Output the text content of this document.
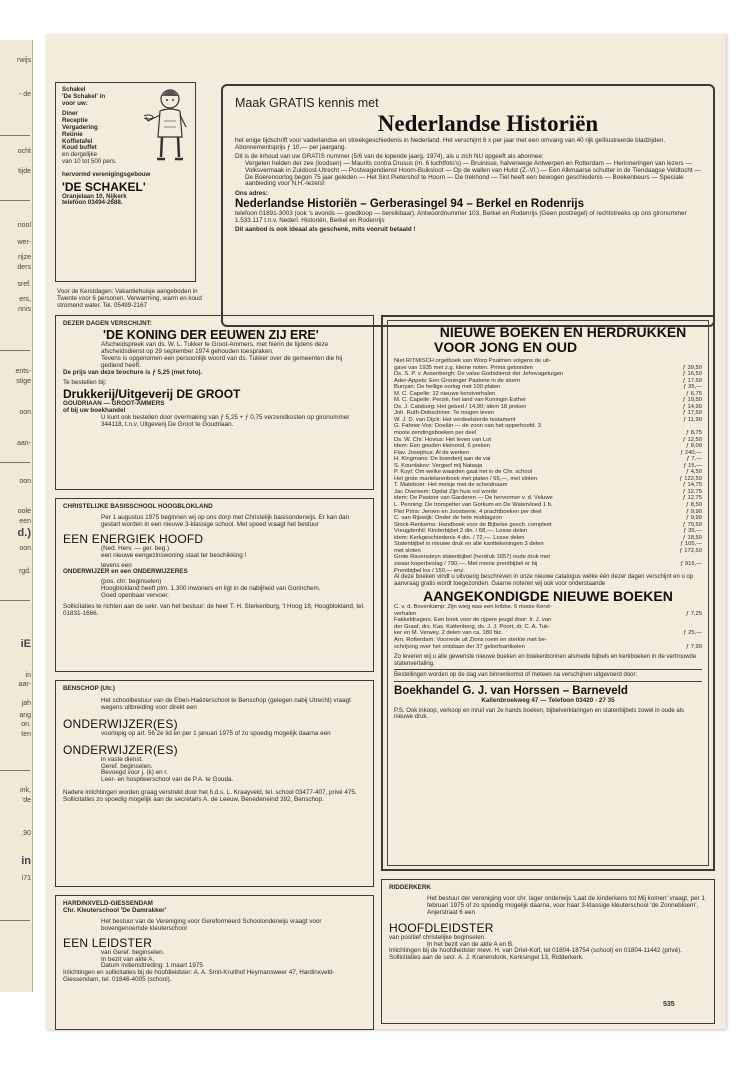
rwijs
- de
ocht
tijde
nool
wer-
rijze
ders
sref.
ers,
nnis
ents-
stige
oon
aan-
oon
oole
een
d.)
oon
rgd.
iE
in
aar-
jah
ang
on.
ten
ink,
'de
,90
in
i71
Schakel
'De Schakel' in
voor uw:
Diner
Receptie
Vergadering
Reünie
Koffietafel
Koud buffet
en dergelijke
van 10 tot 500 pers.
hervormd verenigingsgebouw
'DE SCHAKEL'
Oranjelaan 10, Nijkerk
telefoon 03494-2688.
Voor de Kerstdagen: Vakantiehuisje aangeboden in Twente voor 6 personen. Verwarming, warm en koud stromend water. Tel. 05499-2167
Maak GRATIS kennis met
Nederlandse Historiën
het enige tijdschrift voor vaderlandse en streekgeschiedenis in Nederland. Het verschijnt 6 x per jaar met een omvang van 40 rijk geïllustreerde bladzijden. Abonnementsprijs ƒ 10,— per jaargang.
Dit is de inhoud van uw GRATIS nummer (5/6 van de lopende jaarg. 1974), als u zich NU opgeeft als abonnee:
Vergeten helden der zee (loodsen) — Maurits contra Drusus (m. 6 luchtfoto's) — Bruinisse, halverwege Antwerpen en Rotterdam — Herinneringen van lezers — Volksvermaak in Zuidoost-Utrecht — Postwagendienst Hoorn-Buiksloot — Op de wallen van Hulst (Z.-Vl.) — Een Alkmaarse schutter in de Tiendaagse Veldtocht — De Boerenoorlog begon 75 jaar geleden — Het Sint Pietershof te Hoorn — De trekhond — Tiel heeft een bewogen geschiedenis — Boekenbeurs — Speciale aanbieding voor N.H.-lezers!
Ons adres:
Nederlandse Historiën – Gerberasingel 94 – Berkel en Rodenrijs
telefoon 01891-3003 (ook 's avonds — goedkoop — bereikbaar). Antwoordnummer 103, Berkel en Rodenrijs (Geen postzegel) of rechtstreeks op ons gironummer 1.533.117 t.n.v. Nederl. Historiën, Berkel en Rodenrijs
Dit aanbod is ook ideaal als geschenk, mits vooruit betaald !
DEZER DAGEN VERSCHIJNT:
'DE KONING DER EEUWEN ZIJ ERE'
Afscheidspreek van ds. W. L. Tukker te Groot-Ammers, met hierin de tijdens deze afscheidsdienst op 29 september 1974 gehouden toespraken.
Tevens is opgenomen een persoonlijk woord van ds. Tukker over de gemeenten die hij gediend heeft.
De prijs van deze brochure is ƒ 5,25 (met foto).
Te bestellen bij:
Drukkerij/Uitgeverij DE GROOT
GOUDRIAAN — GROOT-AMMERS
of bij uw boekhandel
U kunt ook bestellen door overmaking van ƒ 5,25 + ƒ 0,75 verzendkosten op gironummer 344118, t.n.v. Uitgeverij De Groot te Goudriaan.
CHRISTELIJKE BASISSCHOOL HOOGBLOKLAND
Per 1 augustus 1975 beginnen wij op ons dorp met Christelijk basisonderwijs. Er kan dan gestart worden in een nieuwe 3-klassige school. Met spoed vraagt het bestuur
EEN ENERGIEK HOOFD
(Ned. Herv. — ger. beg.)
een nieuwe eengezinswoning staat ter beschikking !
tevens een
ONDERWIJZER en een ONDERWIJZERES
(pos. chr. beginselen)
Hoogblokland heeft plm. 1.300 inwoners en ligt in de nabijheid van Gorinchem.
Goed openbaar vervoer.
Sollicitaties te richten aan de sekr. van het bestuur: de heer T. H. Sterkenburg, 't Hoog 18, Hoogblokland, tel. 01831-1666.
BENSCHOP (Utr.)
Het schoolbestuur van de Eben-Haëzerschool te Benschop (gelegen nabij Utrecht) vraagt wegens uitbreiding voor direkt een
ONDERWIJZER(ES)
voorlopig op art. 56 2e lid en per 1 januari 1975 of zo spoedig mogelijk daarna een
ONDERWIJZER(ES)
in vaste dienst.
Geref. beginselen.
Bevoegd voor j. (k) en r.
Leer- en hospiteerschool van de P.A. te Gouda.
Nadere inlichtingen worden graag verstrekt door het h.d.s. L. Kraayveld, tel. school 03477-407, privé 475.
Sollicitaties zo spoedig mogelijk aan de secretaris A. de Leeuw, Benedeneind 392, Benschop.
HARDINXVELD-GIESSENDAM
Chr. Kleuterschool 'De Damrakker'
Het bestuur van de Vereniging voor Gereformeerd Schoolonderwijs vraagt voor bovengenoemde kleuterschool
EEN LEIDSTER
van Geref. beginselen.
In bezit van akte A.
Datum indiensttreding: 1 maart 1975
Inlichtingen en sollicitaties bij de hoofdleidster: A. A. Smit-Kruithof Heymansweer 47, Hardinxveld-Giessendam, tel. 01846-4005 (school).
NIEUWE BOEKEN EN HERDRUKKEN
VOOR JONG EN OUD
Niet RITMISCH orgelboek van Worp Psalmen volgens de uit-
gave van 1935 met z.g. kleine noten. Prima gebonden	ƒ 39,50
Ds. S. P. v. Assenbergh: De valse Godsdienst der Jehovagetuigen	ƒ 16,50
Ader-Appels: Een Groninger Pastorie in de storm	ƒ 17,50
Bunyan: De heilige oorlog met 100 platen	ƒ 35,—
M. C. Capelle: 12 nieuwe kerstverhalen	ƒ 6,75
M. C. Capelle: Perzië, het land van Koningin Esther	ƒ 19,50
Ds. J. Catsburg: Het gebed / 14,90; idem 18 preken	ƒ 14,90
Joh. Ruth-Dobschiner: Te mogen leven	ƒ 17,50
W. J. D. van Dijck: Het verdeelsterde testament	ƒ 11,90
G. Fahner-Vos: Doeâin — de zoon van het opperhoofd. 3
mooie zendingsboeken per deel	ƒ 8,75
Ds. W. Chr. Hovius: Het leven van Lot	ƒ 12,50
idem: Een gouden kleinood, 6 preken	ƒ 8,00
Flav. Josephus: Al de werken	ƒ 240,—
H. Kingmans: De boerderij aan de vai	ƒ 7,—
S. Kourdakov: Vergeef mij Natasja	ƒ 15,—
P. Kuyt: Om welke waarden gaat het in de Chr. school	ƒ 4,50
Het grote martelarenboek met platen / 65,—, met sloten	ƒ 122,50
T. Mateboer: Het meisje met de scheidnaam	ƒ 14,75
Jac Overeem: Opdat Zijn huis vol worde	ƒ 12,75
idem: De Pastoor van Garderen — De hervormer v. d. Veluwe	ƒ 12,75
L. Penning: De trompetter van Gorkum en De Watervloed 1 b.	ƒ 8,50
Piet Prins: Jeroen en Joostserie, 4 prachtboeken per deel	ƒ 9,90
C. van Rijswijk: Onder de hete middagzon	ƒ 9,90
Stock-Renkema: Handboek voor de Bijbelse gesch. compleet	ƒ 79,50
Vreugdenhil: Kinderbijbel 2 din. / 68,—. Losse delen	ƒ 35,—
idem: Kerkgeschiedenis 4 din. / 72,—. Losse delen	ƒ 18,50
Statenbijbel in nieuwe druk en alle kanttekeningen 3 delen	ƒ 105,—
met sloten	ƒ 172,50
Grote Ravensteyn statenbijbel (herdruk 1657) oude druk met
zwaar koperbeslag / 790,—. Met mooie prentbijbel er bij	ƒ 915,—
Prentbijbel los / 150,— enz.
Al deze boeken vindt u uitvoerig beschreven in onze nieuwe catalogus welke één dezer dagen verschijnt en u op aanvraag gratis wordt toegezonden. Gaarne noteren wij ook voor onderstaande
AANGEKONDIGDE NIEUWE BOEKEN
C. v. d. Bovenkamp: Zijn wieg was een kribbe. 6 mooie Kerst-
verhalen	ƒ 7,25
Fakkeldragers. Een boek voor de rijpere jeugd door: Ir. J. van
der Graaf, drs. Kas. Kattenberg, ds. J. J. Poort, dr. C. A. Tuk-
ker en M. Verwey. 2 delen van ca. 180 blz.	ƒ 25,—
Arn. Rotterdam: Voorrede uit Zions roem en sterkte met be-
schrijving over het ontstaan der 37 geloofsartikelen	ƒ 7,90
Zo leveren wij u alle gewenste nieuwe boeken en boekenbonnen alsmede bijbels en kerkboeken in de vertrouwde statenvertaling.
Bestellingen worden op de dag van binnenkomst of meteen na verschijnen uitgevoerd door:
Boekhandel G. J. van Horssen – Barneveld
Kallenbroekweg 47 — Telefoon 03420 - 27 35
P.S. Ook inkoop, verkoop en inruil van 2e hands boeken, bijbelverklaringen en statenbijbels zowel in oude als nieuwe druk.
RIDDERKERK
Het bestuur der vereniging voor chr. lager onderwijs 'Laat de kinderkens tot Mij komen' vraagt, per 1 februari 1975 of zo spoedig mogelijk daarna, voor haar 3-klassige kleuterschool 'de Zonnebloem', Anjerstraat 6 een
HOOFDLEIDSTER
van positief christelijke beginselen.
In het bezit van de akte A en B.
Inlichtingen bij de hoofdleidster mevr. H. van Driel-Kolf, tel 01804-18754 (school) en 01804-11442 (privé).
Sollicitaties aan de secr. A. J. Kranendonk, Kerksingel 13, Ridderkerk.
535
